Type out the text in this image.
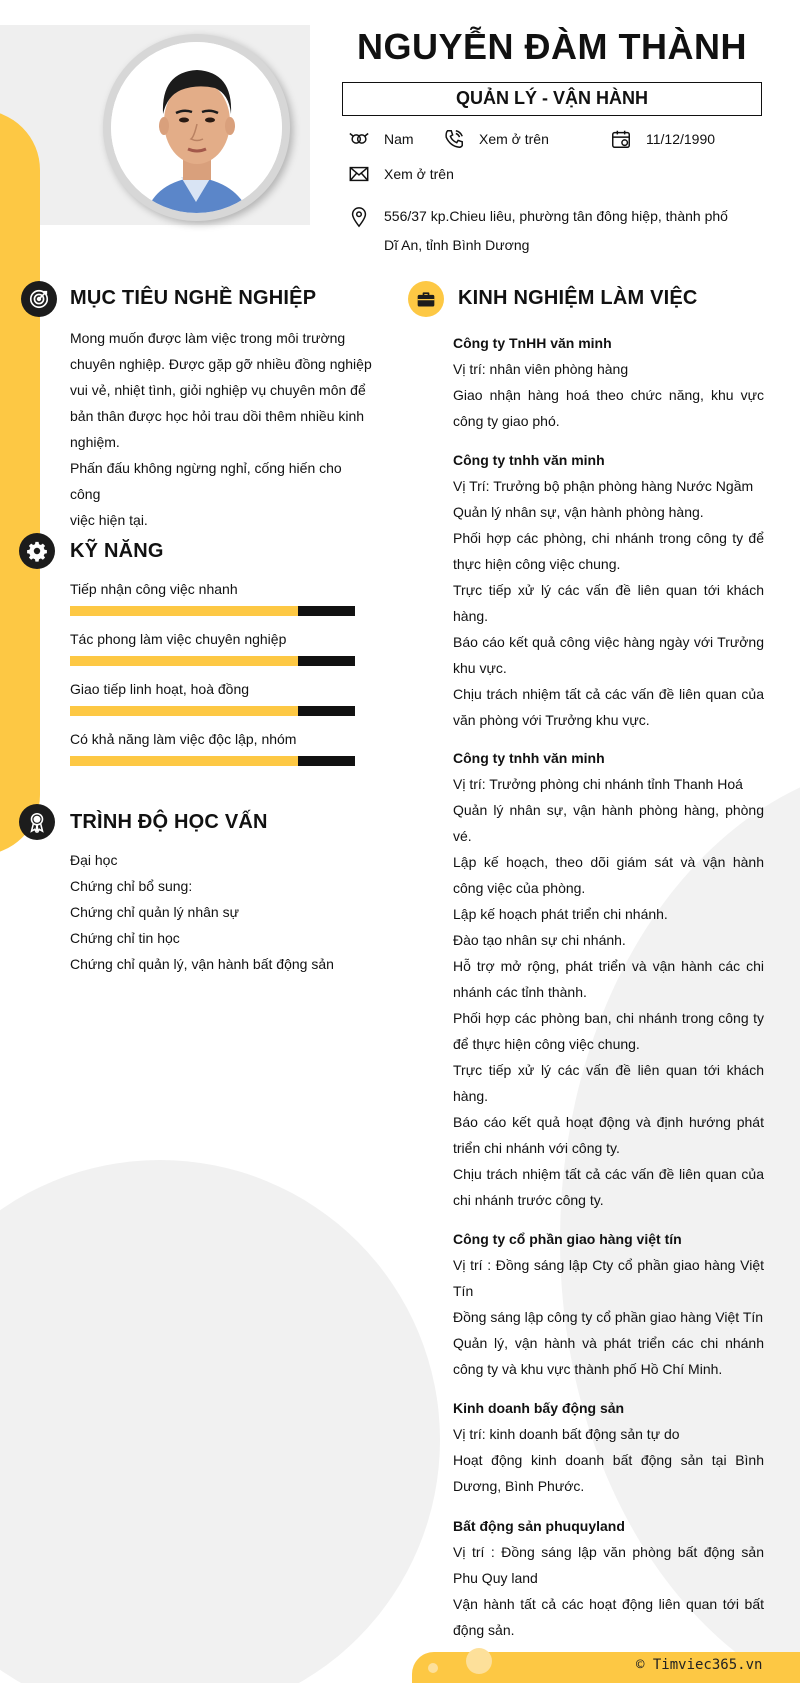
NGUYỄN ĐÀM THÀNH
QUẢN LÝ - VẬN HÀNH
Nam	Xem ở trên	11/12/1990
Xem ở trên
556/37 kp.Chieu liêu, phường tân đông hiệp, thành phố
Dĩ An, tỉnh Bình Dương
MỤC TIÊU NGHỀ NGHIỆP
Mong muốn được làm việc trong môi trường
chuyên nghiệp. Được gặp gỡ nhiều đồng nghiệp
vui vẻ, nhiệt tình, giỏi nghiệp vụ chuyên môn để
bản thân được học hỏi trau dồi thêm nhiều kinh
nghiệm.
Phấn đấu không ngừng nghỉ, cống hiến cho công
việc hiện tại.
KỸ NĂNG
Tiếp nhận công việc nhanh
Tác phong làm việc chuyên nghiệp
Giao tiếp linh hoạt, hoà đồng
Có khả năng làm việc độc lập, nhóm
TRÌNH ĐỘ HỌC VẤN
Đại học
Chứng chỉ bổ sung:
Chứng chỉ quản lý nhân sự
Chứng chỉ tin học
Chứng chỉ quản lý, vận hành bất động sản
KINH NGHIỆM LÀM VIỆC
Công ty TnHH văn minh

Vị trí: nhân viên phòng hàng

Giao nhận hàng hoá theo chức năng, khu vực công ty giao phó.

Công ty tnhh văn minh

Vị Trí: Trưởng bộ phận phòng hàng Nước Ngầm

Quản lý nhân sự, vận hành phòng hàng.

Phối hợp các phòng, chi nhánh trong công ty để thực hiện công việc chung.

Trực tiếp xử lý các vấn đề liên quan tới khách hàng.

Báo cáo kết quả công việc hàng ngày với Trưởng khu vực.

Chịu trách nhiệm tất cả các vấn đề liên quan của văn phòng với Trưởng khu vực.

Công ty tnhh văn minh

Vị trí: Trưởng phòng chi nhánh tỉnh Thanh Hoá

Quản lý nhân sự, vận hành phòng hàng, phòng vé.

Lập kế hoạch, theo dõi giám sát và vận hành công việc của phòng.

Lập kế hoạch phát triển chi nhánh.

Đào tạo nhân sự chi nhánh.

Hỗ trợ mở rộng, phát triển và vận hành các chi nhánh các tỉnh thành.

Phối hợp các phòng ban, chi nhánh trong công ty để thực hiện công việc chung.

Trực tiếp xử lý các vấn đề liên quan tới khách hàng.

Báo cáo kết quả hoạt động và định hướng phát triển chi nhánh với công ty.

Chịu trách nhiệm tất cả các vấn đề liên quan của chi nhánh trước công ty.

Công ty cổ phần giao hàng việt tín

Vị trí : Đồng sáng lập Cty cổ phần giao hàng Việt Tín

Đồng sáng lập công ty cổ phần giao hàng Việt Tín

Quản lý, vận hành và phát triển các chi nhánh công ty và khu vực thành phố Hồ Chí Minh.

Kinh doanh bấy động sản

Vị trí: kinh doanh bất động sản tự do

Hoạt động kinh doanh bất động sản tại Bình Dương, Bình Phước.

Bất động sản phuquyland

Vị trí : Đồng sáng lập văn phòng bất động sản Phu Quy land

Vận hành tất cả các hoạt động liên quan tới bất động sản.

© Timviec365.vn
